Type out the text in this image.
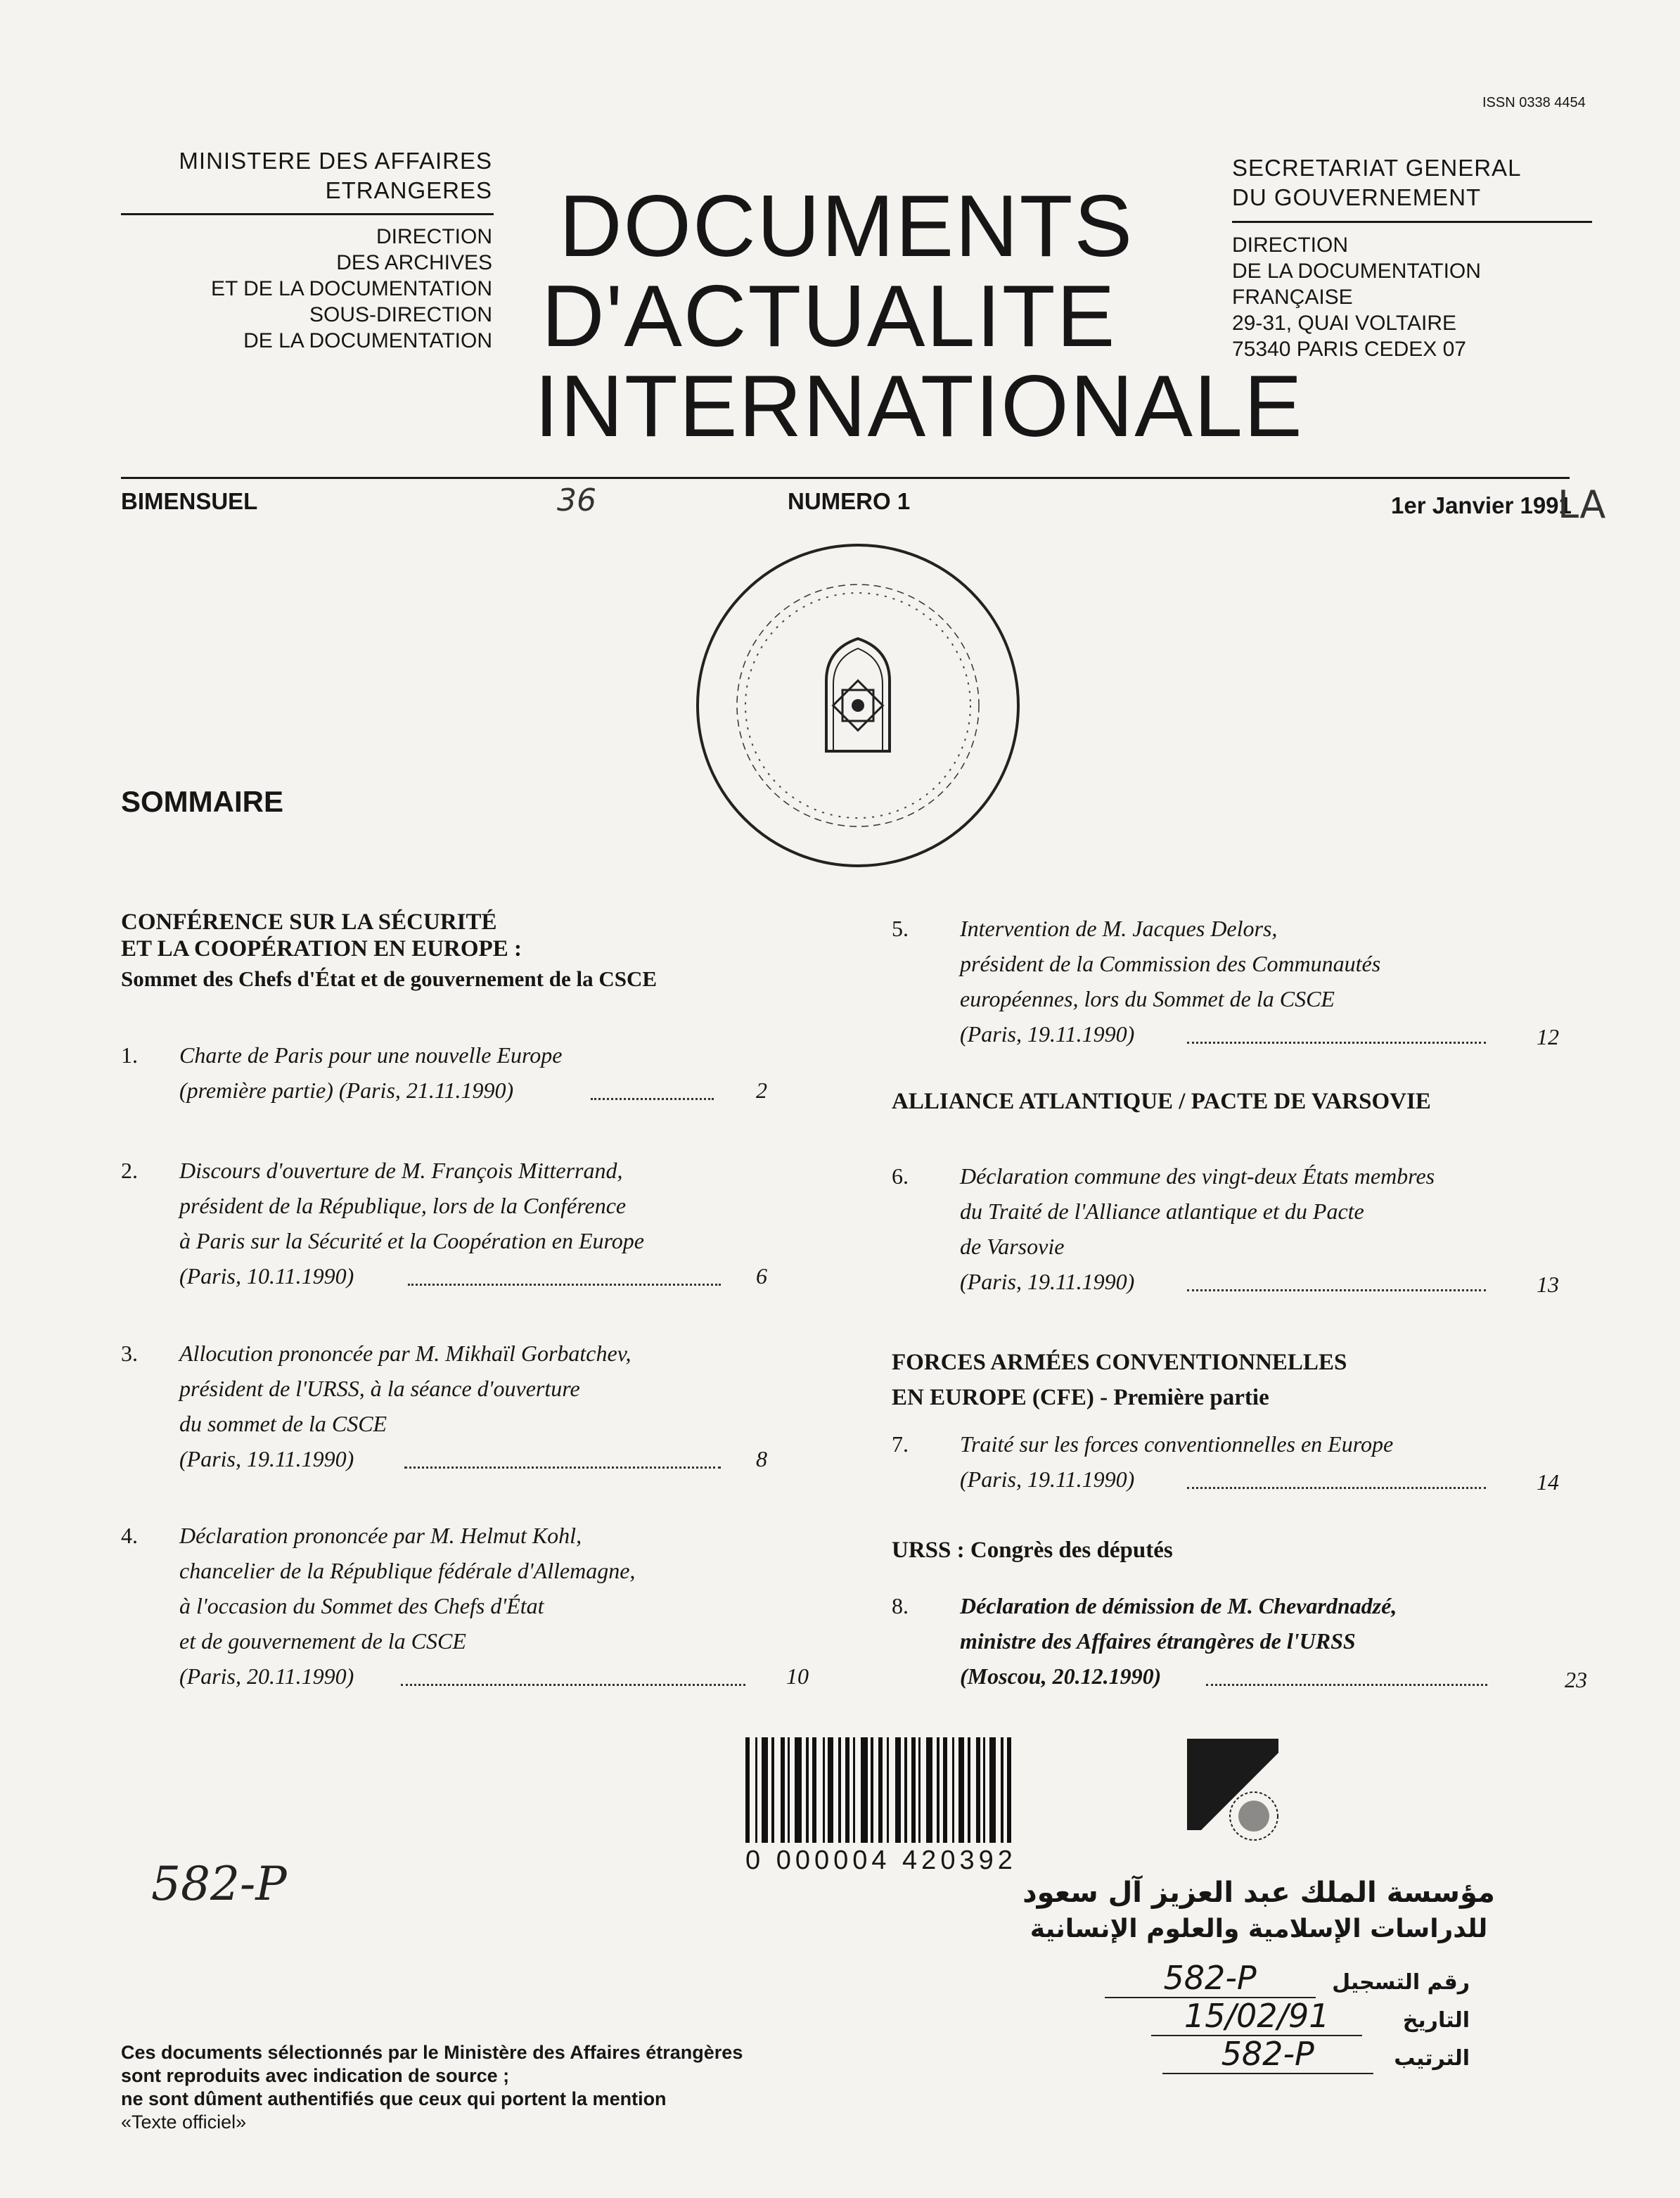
ISSN 0338 4454
MINISTERE DES AFFAIRES
ETRANGERES
DIRECTION
DES ARCHIVES
ET DE LA DOCUMENTATION
SOUS-DIRECTION
DE LA DOCUMENTATION
DOCUMENTS
D'ACTUALITE
INTERNATIONALE
SECRETARIAT GENERAL
DU GOUVERNEMENT
DIRECTION
DE LA DOCUMENTATION
FRANÇAISE
29-31, QUAI VOLTAIRE
75340 PARIS CEDEX 07
BIMENSUEL	36	NUMERO 1	1er Janvier 1991
LA
SOMMAIRE
CONFÉRENCE SUR LA SÉCURITÉ
ET LA COOPÉRATION EN EUROPE :
Sommet des Chefs d'État et de gouvernement de la CSCE
1. Charte de Paris pour une nouvelle Europe
(première partie) (Paris, 21.11.1990)	2
2. Discours d'ouverture de M. François Mitterrand,
président de la République, lors de la Conférence
à Paris sur la Sécurité et la Coopération en Europe
(Paris, 10.11.1990)	6
3. Allocution prononcée par M. Mikhaïl Gorbatchev,
président de l'URSS, à la séance d'ouverture
du sommet de la CSCE
(Paris, 19.11.1990)	8
4. Déclaration prononcée par M. Helmut Kohl,
chancelier de la République fédérale d'Allemagne,
à l'occasion du Sommet des Chefs d'État
et de gouvernement de la CSCE
(Paris, 20.11.1990)	10
5. Intervention de M. Jacques Delors,
président de la Commission des Communautés
européennes, lors du Sommet de la CSCE
(Paris, 19.11.1990)	12
ALLIANCE ATLANTIQUE / PACTE DE VARSOVIE
6. Déclaration commune des vingt-deux États membres
du Traité de l'Alliance atlantique et du Pacte
de Varsovie
(Paris, 19.11.1990)	13
FORCES ARMÉES CONVENTIONNELLES
EN EUROPE (CFE) - Première partie
7. Traité sur les forces conventionnelles en Europe
(Paris, 19.11.1990)	14
URSS : Congrès des députés
8. Déclaration de démission de M. Chevardnadzé,
ministre des Affaires étrangères de l'URSS
(Moscou, 20.12.1990)	23
0 000004 420392
582-P	مؤسسة الملك عبد العزيز آل سعود
للدراسات الإسلامية والعلوم الإنسانية
رقم التسجيل 582-P
التاريخ 15/02/91
الترتيب 582-P
Ces documents sélectionnés par le Ministère des Affaires étrangères
sont reproduits avec indication de source ;
ne sont dûment authentifiés que ceux qui portent la mention
«Texte officiel»
